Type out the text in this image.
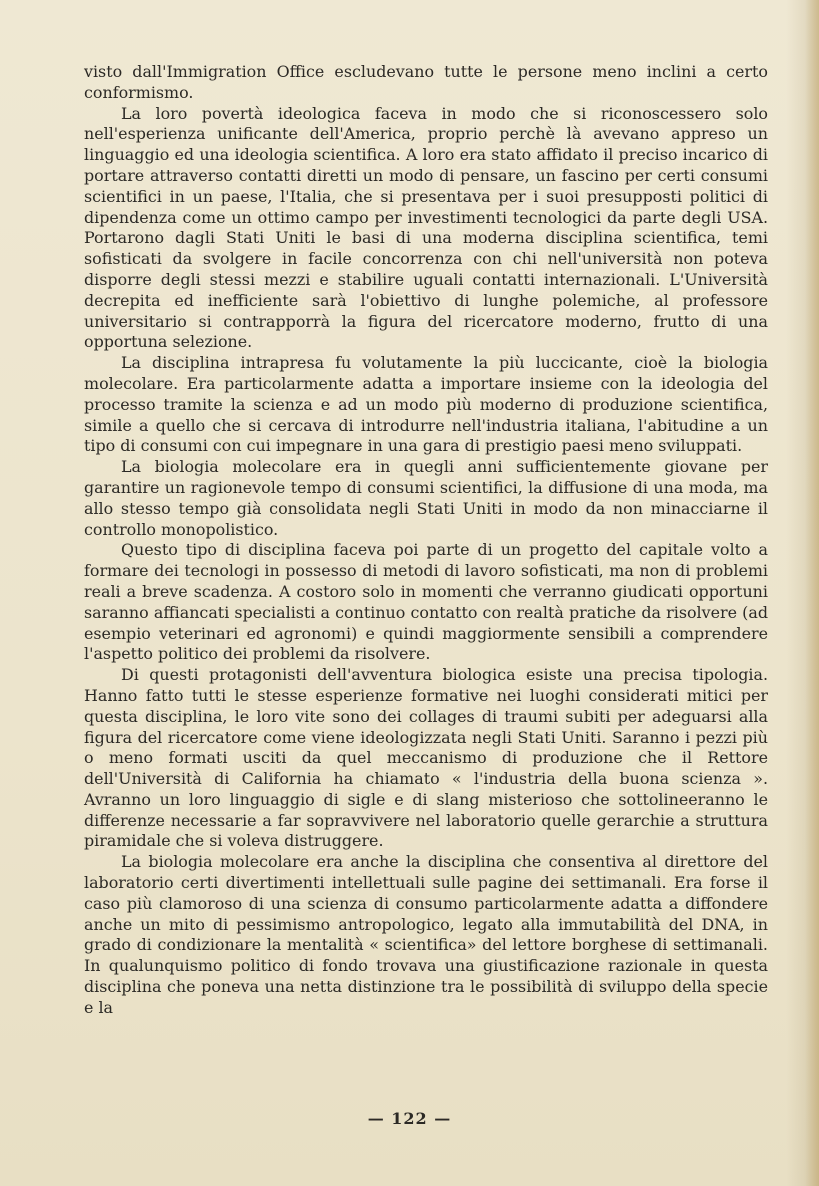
visto dall'Immigration Office escludevano tutte le persone meno inclini a certo conformismo.

La loro povertà ideologica faceva in modo che si riconoscessero solo nell'esperienza unificante dell'America, proprio perchè là avevano appreso un linguaggio ed una ideologia scientifica. A loro era stato affidato il preciso incarico di portare attraverso contatti diretti un modo di pensare, un fascino per certi consumi scientifici in un paese, l'Italia, che si presentava per i suoi presupposti politici di dipendenza come un ottimo campo per investimenti tecnologici da parte degli USA. Portarono dagli Stati Uniti le basi di una moderna disciplina scientifica, temi sofisticati da svolgere in facile concorrenza con chi nell'università non poteva disporre degli stessi mezzi e stabilire uguali contatti internazionali. L'Università decrepita ed inefficiente sarà l'obiettivo di lunghe polemiche, al professore universitario si contrapporrà la figura del ricercatore moderno, frutto di una opportuna selezione.

La disciplina intrapresa fu volutamente la più luccicante, cioè la biologia molecolare. Era particolarmente adatta a importare insieme con la ideologia del processo tramite la scienza e ad un modo più moderno di produzione scientifica, simile a quello che si cercava di introdurre nell'industria italiana, l'abitudine a un tipo di consumi con cui impegnare in una gara di prestigio paesi meno sviluppati.

La biologia molecolare era in quegli anni sufficientemente giovane per garantire un ragionevole tempo di consumi scientifici, la diffusione di una moda, ma allo stesso tempo già consolidata negli Stati Uniti in modo da non minacciarne il controllo monopolistico.

Questo tipo di disciplina faceva poi parte di un progetto del capitale volto a formare dei tecnologi in possesso di metodi di lavoro sofisticati, ma non di problemi reali a breve scadenza. A costoro solo in momenti che verranno giudicati opportuni saranno affiancati specialisti a continuo contatto con realtà pratiche da risolvere (ad esempio veterinari ed agronomi) e quindi maggiormente sensibili a comprendere l'aspetto politico dei problemi da risolvere.

Di questi protagonisti dell'avventura biologica esiste una precisa tipologia. Hanno fatto tutti le stesse esperienze formative nei luoghi considerati mitici per questa disciplina, le loro vite sono dei collages di traumi subiti per adeguarsi alla figura del ricercatore come viene ideologizzata negli Stati Uniti. Saranno i pezzi più o meno formati usciti da quel meccanismo di produzione che il Rettore dell'Università di California ha chiamato « l'industria della buona scienza ». Avranno un loro linguaggio di sigle e di slang misterioso che sottolineeranno le differenze necessarie a far sopravvivere nel laboratorio quelle gerarchie a struttura piramidale che si voleva distruggere.

La biologia molecolare era anche la disciplina che consentiva al direttore del laboratorio certi divertimenti intellettuali sulle pagine dei settimanali. Era forse il caso più clamoroso di una scienza di consumo particolarmente adatta a diffondere anche un mito di pessimismo antropologico, legato alla immutabilità del DNA, in grado di condizionare la mentalità « scientifica» del lettore borghese di settimanali. In qualunquismo politico di fondo trovava una giustificazione razionale in questa disciplina che poneva una netta distinzione tra le possibilità di sviluppo della specie e la

— 122 —
